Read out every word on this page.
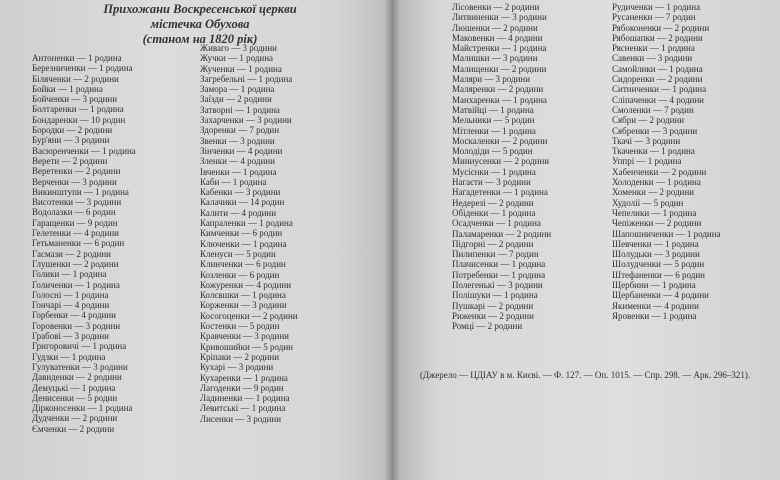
Прихожани Воскресенської церкви
містечка Обухова
(станом на 1820 рік)
Антоненки — 1 родина
Березниченки — 1 родина
Біляченки — 2 родини
Бойки — 1 родина
Бойченки — 3 родини
Болтаренки — 1 родина
Бондаренки — 10 родин
Бородки — 2 родини
Бур'яни — 3 родини
Васюренченки — 1 родина
Верети — 2 родини
Веретенки — 2 родини
Верченки — 3 родини
Викинштупи — 1 родина
Висотенки — 3 родини
Водолазки — 6 родин
Гаращенки — 9 родин
Гелетенки — 4 родини
Гетьманенки — 6 родин
Гасмази — 2 родини
Глушенки — 2 родини
Голики — 1 родина
Голиченки — 1 родина
Голосні — 1 родина
Гончарі — 4 родини
Горбенки — 4 родини
Горовенки — 3 родини
Грабові — 3 родини
Григоровичі — 1 родина
Гудзки — 1 родина
Гулуватенки — 3 родини
Давиденки — 2 родини
Демуцькі — 1 родина
Денисенки — 5 родин
Дірконосенки — 1 родина
Дудченки — 2 родини
Ємченки — 2 родини
Живаго — 3 родини
Жучки — 1 родина
Жученки — 1 родина
Загребельні — 1 родина
Замора — 1 родина
Заїзди — 2 родини
Затворні — 1 родина
Захарченки — 3 родини
Здоренки — 7 родин
Звенки — 3 родини
Зінченки — 4 родини
Зленки — 4 родини
Івченки — 1 родина
Каби — 1 родина
Кабенки — 3 родини
Калачики — 14 родин
Калити — 4 родини
Капраленки — 1 родина
Кимченки — 6 родин
Ключенки — 1 родина
Кленуси — 5 родин
Клинченки — 6 родин
Козленки — 6 родин
Кожуренки — 4 родини
Колєвшки — 1 родина
Корженки — 3 родини
Косогоценки — 2 родини
Костенки — 5 родин
Кравченки — 3 родини
Кривошийки — 5 родин
Кріпаки — 2 родини
Кухарі — 3 родини
Кухаренки — 1 родина
Лагоденки — 9 родин
Ладиненки — 1 родина
Левитські — 1 родина
Лисенки — 3 родини
Лісовенки — 2 родини
Литвиненки — 3 родини
Люшенки — 2 родини
Маковенки — 4 родини
Майстренки — 1 родина
Малишки — 3 родини
Малищенки — 2 родини
Маляри — 3 родини
Маляренки — 2 родини
Манхаренки — 1 родина
Матвійці — 1 родина
Мельники — 5 родин
Мітленки — 1 родина
Москаленки — 2 родини
Молодіди — 5 родин
Миниусенки — 2 родини
Мусієнки — 1 родина
Нагаєти — 3 родини
Нагадетенки — 1 родина
Недерезі — 2 родини
Обіденки — 1 родина
Осадченки — 1 родина
Паламаренки — 2 родини
Підгорні — 2 родини
Пилипенки — 7 родин
Плачисенки — 1 родина
Потребенки — 1 родина
Полегенькі — 3 родини
Полішуки — 1 родина
Пушкарі — 2 родини
Риженки — 2 родини
Ромці — 2 родини
Рудиченки — 1 родина
Русаненки — 7 родин
Рябоконенки — 2 родини
Рябошапки — 2 родини
Рясненки — 1 родина
Савенки — 3 родини
Самойлики — 1 родина
Сидоренки — 2 родини
Ситниченки — 1 родина
Сліпаченки — 4 родини
Смоленки — 7 родин
Сябри — 2 родини
Сябренки — 3 родини
Ткачі — 3 родини
Ткаченки — 1 родина
Уппрі — 1 родина
Хабенченки — 2 родини
Холоденки — 1 родина
Хоменки — 2 родини
Худолії — 5 родин
Чепелики — 1 родина
Чепіженки — 2 родини
Шапошниченки — 1 родина
Шевченки — 1 родина
Шолудьки — 3 родини
Шолудченки — 5 родин
Штефаненки — 6 родин
Щербини — 1 родина
Щербаненки — 4 родини
Якименки — 4 родини
Яровенки — 1 родина
(Джерело — ЦДІАУ в м. Києві. — Ф. 127. — Оп. 1015. — Спр. 298. — Арк. 296–321).
